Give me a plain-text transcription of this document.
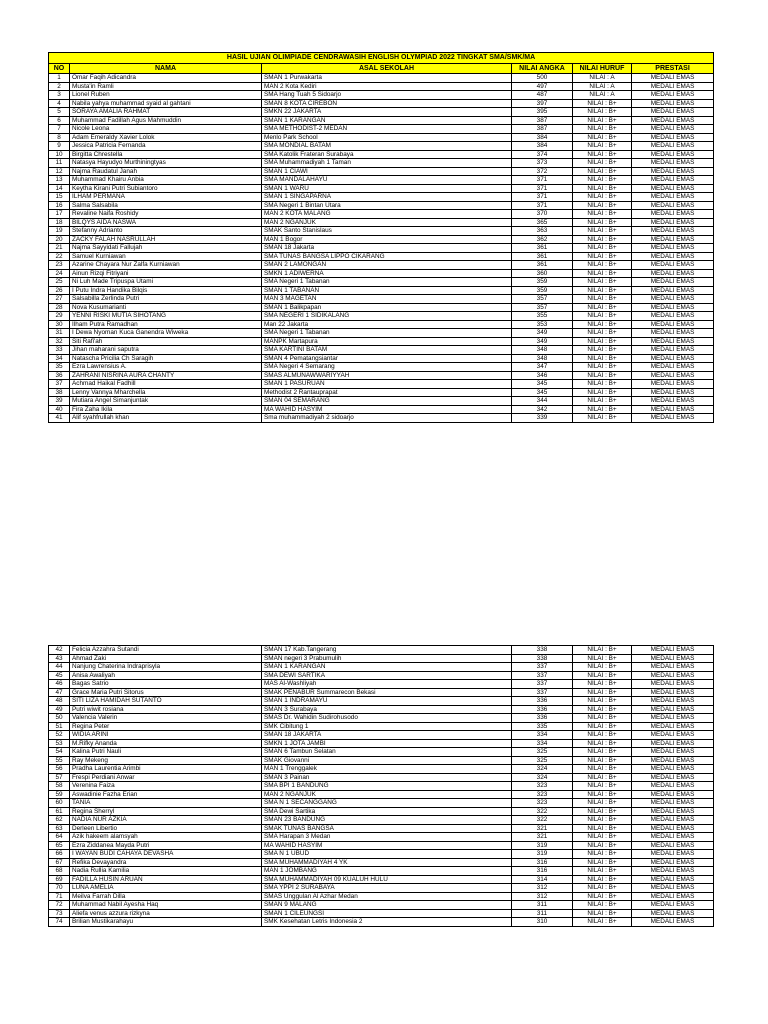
HASIL UJIAN OLIMPIADE CENDRAWASIH ENGLISH OLYMPIAD 2022 TINGKAT SMA/SMK/MA					
NO	NAMA	ASAL SEKOLAH	NILAI ANGKA	NILAI HURUF	PRESTASI
1	Omar Faqih Adicandra	SMAN 1 Purwakarta	500	NILAI : A	MEDALI EMAS
2	Musta'in Ramli	MAN 2 Kota Kediri	497	NILAI : A	MEDALI EMAS
3	Lionel Ruben	SMA Hang Tuah 5 Sidoarjo	487	NILAI : A	MEDALI EMAS
4	Nabila yahya muhammad syaid al gahtani	SMAN 8 KOTA CIREBON	397	NILAI : B+	MEDALI EMAS
5	SORAYA AMALIA RAHMAT	SMKN 22 JAKARTA	395	NILAI : B+	MEDALI EMAS
6	Muhammad Fadillah Agus Mahmuddin	SMAN 1 KARANGAN	387	NILAI : B+	MEDALI EMAS
7	Nicole Leona	SMA METHODIST-2 MEDAN	387	NILAI : B+	MEDALI EMAS
8	Adam Emeraldy Xavier Lolok	Menlo Park School	384	NILAI : B+	MEDALI EMAS
9	Jessica Patricia Fernanda	SMA MONDIAL BATAM	384	NILAI : B+	MEDALI EMAS
10	Birgitta Chrestella	SMA Katolik Frateran Surabaya	374	NILAI : B+	MEDALI EMAS
11	Natasya Hayudyo Murthiningtyas	SMA Muhammadiyah 1 Taman	373	NILAI : B+	MEDALI EMAS
12	Najma Raudatul Janah	SMAN 1 CIAWI	372	NILAI : B+	MEDALI EMAS
13	Muhammad Khairu Anbia	SMA MANDALAHAYU	371	NILAI : B+	MEDALI EMAS
14	Keytha Kirani Putri Subiantoro	SMAN 1 WARU	371	NILAI : B+	MEDALI EMAS
15	ILHAM PERMANA	SMAN 1 SINGAPARNA	371	NILAI : B+	MEDALI EMAS
16	Salma Salsabila	SMA Negeri 1 Bintan Utara	371	NILAI : B+	MEDALI EMAS
17	Revaline Naifa Roshidy	MAN 2 KOTA MALANG	370	NILAI : B+	MEDALI EMAS
18	BILQYS AIDA NASWA	MAN 2 NGANJUK	365	NILAI : B+	MEDALI EMAS
19	Stefanny Adrianto	SMAK Santo Stanislaus	363	NILAI : B+	MEDALI EMAS
20	ZACKY FALAH NASRULLAH	MAN 1 Bogor	362	NILAI : B+	MEDALI EMAS
21	Najma Sayyidati Fallujah	SMAN 18 Jakarta	361	NILAI : B+	MEDALI EMAS
22	Samuel Kurniawan	SMA TUNAS BANGSA LIPPO CIKARANG	361	NILAI : B+	MEDALI EMAS
23	Azarine Chayara Nur Zalfa Kurniawan	SMAN 2 LAMONGAN	361	NILAI : B+	MEDALI EMAS
24	Ainun Rizqi Fitriyani	SMKN 1 ADIWERNA	360	NILAI : B+	MEDALI EMAS
25	Ni Luh Made Tripuspa Utami	SMA Negeri 1 Tabanan	359	NILAI : B+	MEDALI EMAS
26	I Putu Indra Handika Bilqis	SMAN 1 TABANAN	359	NILAI : B+	MEDALI EMAS
27	Salsabilla Zerlinda Putri	MAN 3 MAGETAN	357	NILAI : B+	MEDALI EMAS
28	Nova Kusumarianti	SMAN 1 Balikpapan	357	NILAI : B+	MEDALI EMAS
29	YENNI RISKI MUTIA SIHOTANG	SMA NEGERI 1 SIDIKALANG	355	NILAI : B+	MEDALI EMAS
30	Ilham Putra Ramadhan	Man 22 Jakarta	353	NILAI : B+	MEDALI EMAS
31	I Dewa Nyoman Kuca Ganendra Wiweka	SMA Negeri 1 Tabanan	349	NILAI : B+	MEDALI EMAS
32	Siti Rafi'ah	MANPK Martapura	349	NILAI : B+	MEDALI EMAS
33	Jihan maharani saputra	SMA KARTINI BATAM	348	NILAI : B+	MEDALI EMAS
34	Natascha Pricilia Ch Saragih	SMAN 4 Pematangsiantar	348	NILAI : B+	MEDALI EMAS
35	Ezra Lawrensius A.	SMA Negeri 4 Semarang	347	NILAI : B+	MEDALI EMAS
36	ZAHRANI NISRINA AURA CHANTY	SMAS ALMUNAWWARIYYAH	346	NILAI : B+	MEDALI EMAS
37	Achmad Haikal Fadhill	SMAN 1 PASURUAN	345	NILAI : B+	MEDALI EMAS
38	Lenny Vannya Mharchella	Methodist 2 Rantauprapat	345	NILAI : B+	MEDALI EMAS
39	Mutiara Angel Simanjuntak	SMAN 04 SEMARANG	344	NILAI : B+	MEDALI EMAS
40	Fira Zaha Ikila	MA WAHID HASYIM	342	NILAI : B+	MEDALI EMAS
41	Alif syahfrullah khan	Sma muhammadiyah 2 sidoarjo	339	NILAI : B+	MEDALI EMAS
42	Felicia Azzahra Sutandi	SMAN 17 Kab.Tangerang	338	NILAI : B+	MEDALI EMAS
43	Ahmad Zaki	SMAN negeri 3 Prabumulih	338	NILAI : B+	MEDALI EMAS
44	Nanjung Chaterina Indraprisyla	SMAN 1 KARANGAN	337	NILAI : B+	MEDALI EMAS
45	Anisa Awaliyah	SMA DEWI SARTIKA	337	NILAI : B+	MEDALI EMAS
46	Bagas Satrio	MAS Al-Washliyah	337	NILAI : B+	MEDALI EMAS
47	Grace Maria Putri Sitorus	SMAK PENABUR Summarecon Bekasi	337	NILAI : B+	MEDALI EMAS
48	SITI LIZA HAMIDAH SUTANTO	SMAN 1 INDRAMAYU	336	NILAI : B+	MEDALI EMAS
49	Putri wiwit rosiana	SMAN 3 Surabaya	336	NILAI : B+	MEDALI EMAS
50	Valencia Valerin	SMAS Dr. Wahidin Sudirohusodo	336	NILAI : B+	MEDALI EMAS
51	Regina Peter	SMK Cibitung 1	335	NILAI : B+	MEDALI EMAS
52	WIDIA ARINI	SMAN 18 JAKARTA	334	NILAI : B+	MEDALI EMAS
53	M.Rifky Ananda	SMKN 1 JOTA JAMBI	334	NILAI : B+	MEDALI EMAS
54	Kalina Putri Nauli	SMAN 6 Tambun Selatan	325	NILAI : B+	MEDALI EMAS
55	Ray Mekeng	SMAK Giovanni	325	NILAI : B+	MEDALI EMAS
56	Pradha Laurentia Arimbi	MAN 1 Trenggalek	324	NILAI : B+	MEDALI EMAS
57	Frespi Perdiani Anwar	SMAN 3 Painan	324	NILAI : B+	MEDALI EMAS
58	Verenina Faiza	SMA BPI 1 BANDUNG	323	NILAI : B+	MEDALI EMAS
59	Aswadinie Fazha Erian	MAN 2 NGANJUK	323	NILAI : B+	MEDALI EMAS
60	TANIA	SMA N 1 SECANGGANG	323	NILAI : B+	MEDALI EMAS
61	Regina Sherryl	SMA Dewi Sartika	322	NILAI : B+	MEDALI EMAS
62	NADIA NUR AZKIA	SMAN 23 BANDUNG	322	NILAI : B+	MEDALI EMAS
63	Derleen Libertio	SMAK TUNAS BANGSA	321	NILAI : B+	MEDALI EMAS
64	Azik hakeem alamsyah	SMA Harapan 3 Medan	321	NILAI : B+	MEDALI EMAS
65	Ezra Ziddanea Mayda Putri	MA WAHID HASYIM	319	NILAI : B+	MEDALI EMAS
66	I WAYAN BUDI CAHAYA DEVASHA	SMA N 1 UBUD	319	NILAI : B+	MEDALI EMAS
67	Refika Devayandra	SMA MUHAMMADIYAH 4 YK	316	NILAI : B+	MEDALI EMAS
68	Nadia Rullia Kamilia	MAN 1 JOMBANG	316	NILAI : B+	MEDALI EMAS
69	FADILLA HUSIN ARUAN	SMA MUHAMMADIYAH 09 KUALUH HULU	314	NILAI : B+	MEDALI EMAS
70	LUNA AMELIA	SMA YPPI 2 SURABAYA	312	NILAI : B+	MEDALI EMAS
71	Meilva Farrah Dilla	SMAS Unggulan Al Azhar Medan	312	NILAI : B+	MEDALI EMAS
72	Muhammad Nabil Ayesha Haq	SMAN 9 MALANG	311	NILAI : B+	MEDALI EMAS
73	Aliefa venus azzura rizkyna	SMAN 1 CILEUNGSI	311	NILAI : B+	MEDALI EMAS
74	Brilian Mustikarahayu	SMK Kesehatan Letris Indonesia 2	310	NILAI : B+	MEDALI EMAS
